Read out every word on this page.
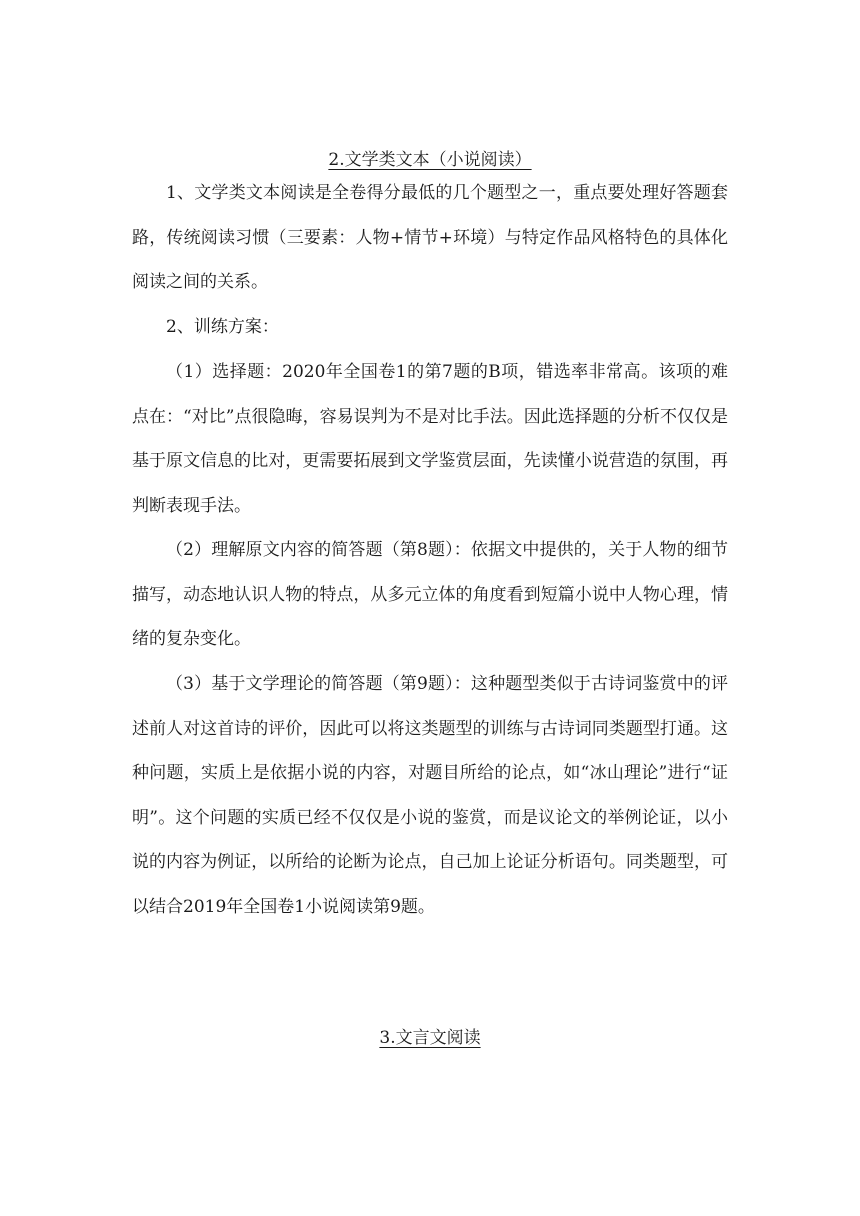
2.文学类文本（小说阅读）

1、文学类文本阅读是全卷得分最低的几个题型之一，重点要处理好答题套路，传统阅读习惯（三要素：人物+情节+环境）与特定作品风格特色的具体化阅读之间的关系。

2、训练方案：

（1）选择题：2020年全国卷1的第7题的B项，错选率非常高。该项的难点在：“对比”点很隐晦，容易误判为不是对比手法。因此选择题的分析不仅仅是基于原文信息的比对，更需要拓展到文学鉴赏层面，先读懂小说营造的氛围，再判断表现手法。

（2）理解原文内容的简答题（第8题）：依据文中提供的，关于人物的细节描写，动态地认识人物的特点，从多元立体的角度看到短篇小说中人物心理，情绪的复杂变化。

（3）基于文学理论的简答题（第9题）：这种题型类似于古诗词鉴赏中的评述前人对这首诗的评价，因此可以将这类题型的训练与古诗词同类题型打通。这种问题，实质上是依据小说的内容，对题目所给的论点，如“冰山理论”进行“证明”。这个问题的实质已经不仅仅是小说的鉴赏，而是议论文的举例论证，以小说的内容为例证，以所给的论断为论点，自己加上论证分析语句。同类题型，可以结合2019年全国卷1小说阅读第9题。

3.文言文阅读
